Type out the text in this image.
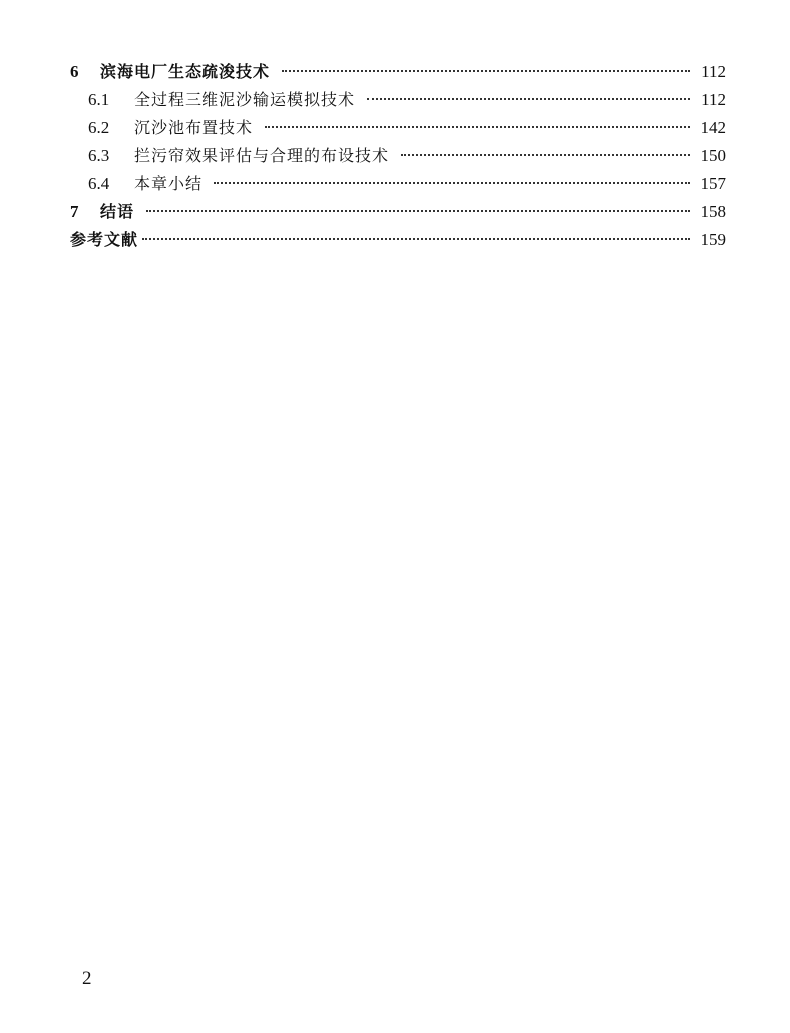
6	滨海电厂生态疏浚技术	112
6.1	全过程三维泥沙输运模拟技术	112
6.2	沉沙池布置技术	142
6.3	拦污帘效果评估与合理的布设技术	150
6.4	本章小结	157
7	结语	158
参考文献	159
2
